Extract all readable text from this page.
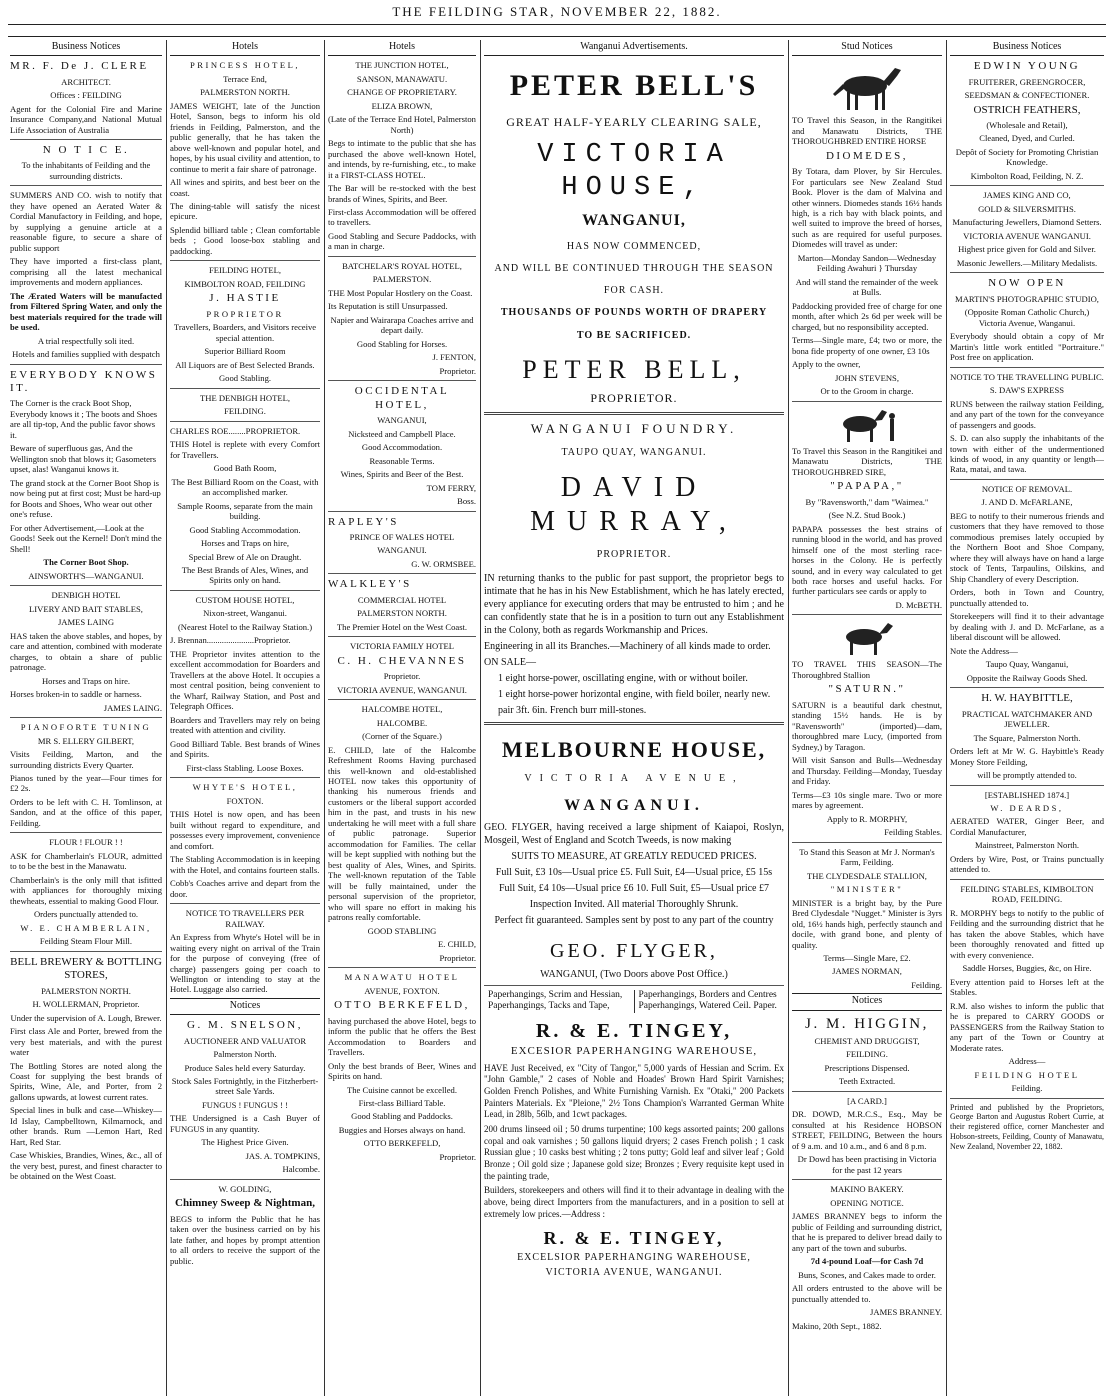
THE FEILDING STAR, NOVEMBER 22, 1882.
Business Notices

MR. F. De J. CLERE

ARCHITECT.

Offices : FEILDING

Agent for the Colonial Fire and Marine Insurance Company,and National Mutual Life Association of Australia

N O T I C E.

To the inhabitants of Feilding and the surrounding districts.

SUMMERS AND CO. wish to notify that they have opened an Aerated Water & Cordial Manufactory in Feilding, and hope, by supplying a genuine article at a reasonable figure, to secure a share of public support

They have imported a first-class plant, comprising all the latest mechanical improvements and modern appliances.

The Ærated Waters will be manufacted from Filtered Spring Water, and only the best materials required for the trade will be used.

A trial respectfully soli ited.

Hotels and families supplied with despatch

EVERYBODY KNOWS IT.

The Corner is the crack Boot Shop, Everybody knows it ; The boots and Shoes are all tip-top, And the public favor shows it.

Beware of superfluous gas, And the Wellington snob that blows it; Gasometers upset, alas! Wanganui knows it.

The grand stock at the Corner Boot Shop is now being put at first cost; Must be hard-up for Boots and Shoes, Who wear out other one's refuse.

For other Advertisement,—Look at the Goods! Seek out the Kernel! Don't mind the Shell!

The Corner Boot Shop.

AINSWORTH'S—WANGANUI.

DENBIGH HOTEL

LIVERY AND BAIT STABLES,

JAMES LAING

HAS taken the above stables, and hopes, by care and attention, combined with moderate charges, to obtain a share of public patronage.

Horses and Traps on hire.

Horses broken-in to saddle or harness.

JAMES LAING.

PIANOFORTE TUNING

MR S. ELLERY GILBERT,

Visits Feilding, Marton, and the surrounding districts Every Quarter.

Pianos tuned by the year—Four times for £2 2s.

Orders to be left with C. H. Tomlinson, at Sandon, and at the office of this paper, Feilding.

FLOUR ! FLOUR ! !

ASK for Chamberlain's FLOUR, admitted to to be the best in the Manawatu.

Chamberlain's is the only mill that isfitted with appliances for thoroughly mixing thewheats, essential to making Good Flour.

Orders punctually attended to.

W. E. CHAMBERLAIN,

Feilding Steam Flour Mill.

BELL BREWERY & BOTTLING STORES,

PALMERSTON NORTH.

H. WOLLERMAN, Proprietor.

Under the supervision of A. Lough, Brewer.

First class Ale and Porter, brewed from the very best materials, and with the purest water

The Bottling Stores are noted along the Coast for supplying the best brands of Spirits, Wine, Ale, and Porter, from 2 gallons upwards, at lowest current rates.

Special lines in bulk and case—Whiskey—Id Islay, Campbelltown, Kilmarnock, and other brands. Rum —Lemon Hart, Red Hart, Red Star.

Case Whiskies, Brandies, Wines, &c., all of the very best, purest, and finest character to be obtained on the West Coast.

Hotels

PRINCESS HOTEL,

Terrace End,

PALMERSTON NORTH.

JAMES WEIGHT, late of the Junction Hotel, Sanson, begs to inform his old friends in Feilding, Palmerston, and the public generally, that he has taken the above well-known and popular hotel, and hopes, by his usual civility and attention, to continue to merit a fair share of patronage.

All wines and spirits, and best beer on the coast.

The dining-table will satisfy the nicest epicure.

Splendid billiard table ; Clean comfortable beds ; Good loose-box stabling and paddocking.

FEILDING HOTEL,

KIMBOLTON ROAD, FEILDING

J. HASTIE

PROPRIETOR

Travellers, Boarders, and Visitors receive special attention.

Superior Billiard Room

All Liquors are of Best Selected Brands.

Good Stabling.

THE DENBIGH HOTEL,

FEILDING.

CHARLES ROE........PROPRIETOR.

THIS Hotel is replete with every Comfort for Travellers.

Good Bath Room,

The Best Billiard Room on the Coast, with an accomplished marker.

Sample Rooms, separate from the main building.

Good Stabling Accommodation.

Horses and Traps on hire,

Special Brew of Ale on Draught.

The Best Brands of Ales, Wines, and Spirits only on hand.

CUSTOM HOUSE HOTEL,

Nixon-street, Wanganui.

(Nearest Hotel to the Railway Station.)

J. Brennan......................Proprietor.

THE Proprietor invites attention to the excellent accommodation for Boarders and Travellers at the above Hotel. It occupies a most central position, being convenient to the Wharf, Railway Station, and Post and Telegraph Offices.

Boarders and Travellers may rely on being treated with attention and civility.

Good Billiard Table. Best brands of Wines and Spirits.

First-class Stabling. Loose Boxes.

WHYTE'S HOTEL,

FOXTON.

THIS Hotel is now open, and has been built without regard to expenditure, and possesses every improvement, convenience and comfort.

The Stabling Accommodation is in keeping with the Hotel, and contains fourteen stalls.

Cobb's Coaches arrive and depart from the door.

NOTICE TO TRAVELLERS PER RAILWAY.

An Express from Whyte's Hotel will be in waiting every night on arrival of the Train for the purpose of conveying (free of charge) passengers going per coach to Wellington or intending to stay at the Hotel. Luggage also carried.

Notices

G. M. SNELSON,

AUCTIONEER AND VALUATOR

Palmerston North.

Produce Sales held every Saturday.

Stock Sales Fortnightly, in the Fitzherbert-street Sale Yards.

FUNGUS ! FUNGUS ! !

THE Undersigned is a Cash Buyer of FUNGUS in any quantity.

The Highest Price Given.

JAS. A. TOMPKINS,

Halcombe.

W. GOLDING,

Chimney Sweep & Nightman,

BEGS to inform the Public that he has taken over the business carried on by his late father, and hopes by prompt attention to all orders to receive the support of the public.

Hotels

THE JUNCTION HOTEL,

SANSON, MANAWATU.

CHANGE OF PROPRIETARY.

ELIZA BROWN,

(Late of the Terrace End Hotel, Palmerston North)

Begs to intimate to the public that she has purchased the above well-known Hotel, and intends, by re-furnishing, etc., to make it a FIRST-CLASS HOTEL.

The Bar will be re-stocked with the best brands of Wines, Spirits, and Beer.

First-class Accommodation will be offered to travellers.

Good Stabling and Secure Paddocks, with a man in charge.

BATCHELAR'S ROYAL HOTEL,

PALMERSTON.

THE Most Popular Hostlery on the Coast.

Its Reputation is still Unsurpassed.

Napier and Wairarapa Coaches arrive and depart daily.

Good Stabling for Horses.

J. FENTON,

Proprietor.

OCCIDENTAL HOTEL,

WANGANUI,

Nicksteed and Campbell Place.

Good Accommodation.

Reasonable Terms.

Wines, Spirits and Beer of the Best.

TOM FERRY,

Boss.

RAPLEY'S

PRINCE OF WALES HOTEL

WANGANUI.

G. W. ORMSBEE.

WALKLEY'S

COMMERCIAL HOTEL

PALMERSTON NORTH.

The Premier Hotel on the West Coast.

VICTORIA FAMILY HOTEL

C. H. CHEVANNES

Proprietor.

VICTORIA AVENUE, WANGANUI.

HALCOMBE HOTEL,

HALCOMBE.

(Corner of the Square.)

E. CHILD, late of the Halcombe Refreshment Rooms Having purchased this well-known and old-established HOTEL now takes this opportunity of thanking his numerous friends and customers or the liberal support accorded him in the past, and trusts in his new undertaking he will meet with a full share of public patronage. Superior accommodation for Families. The cellar will be kept supplied with nothing but the best quality of Ales, Wines, and Spirits. The well-known reputation of the Table will be fully maintained, under the personal supervision of the proprietor, who will spare no effort in making his patrons really comfortable.

GOOD STABLING

E. CHILD,

Proprietor.

MANAWATU HOTEL

AVENUE, FOXTON.

OTTO BERKEFELD,

having purchased the above Hotel, begs to inform the public that he offers the Best Accommodation to Boarders and Travellers.

Only the best brands of Beer, Wines and Spirits on hand.

The Cuisine cannot be excelled.

First-class Billiard Table.

Good Stabling and Paddocks.

Buggies and Horses always on hand.

OTTO BERKEFELD,

Proprietor.

Wanganui Advertisements.
PETER BELL'S
GREAT HALF-YEARLY CLEARING SALE,
VICTORIA HOUSE,
WANGANUI,
HAS NOW COMMENCED,
AND WILL BE CONTINUED THROUGH THE SEASON
FOR CASH.
THOUSANDS OF POUNDS WORTH OF DRAPERY
TO BE SACRIFICED.
PETER BELL,
PROPRIETOR.
WANGANUI FOUNDRY.
TAUPO QUAY, WANGANUI.
DAVID MURRAY,
PROPRIETOR.

IN returning thanks to the public for past support, the proprietor begs to intimate that he has in his New Establishment, which he has lately erected, every appliance for executing orders that may be entrusted to him ; and he can confidently state that he is in a position to turn out any Establishment in the Colony, both as regards Workmanship and Prices.

Engineering in all its Branches.—Machinery of all kinds made to order.

ON SALE—

1 eight horse-power, oscillating engine, with or without boiler.

1 eight horse-power horizontal engine, with field boiler, nearly new.

pair 3ft. 6in. French burr mill-stones.

MELBOURNE HOUSE,
VICTORIA AVENUE,
WANGANUI.

GEO. FLYGER, having received a large shipment of Kaiapoi, Roslyn, Mosgeil, West of England and Scotch Tweeds, is now making

SUITS TO MEASURE, AT GREATLY REDUCED PRICES.

Full Suit, £3 10s—Usual price £5. Full Suit, £4—Usual price, £5 15s

Full Suit, £4 10s—Usual price £6 10. Full Suit, £5—Usual price £7

Inspection Invited. All material Thoroughly Shrunk.

Perfect fit guaranteed. Samples sent by post to any part of the country

GEO. FLYGER,

WANGANUI, (Two Doors above Post Office.)

Paperhangings, Scrim and Hessian, Paperhangings, Tacks and Tape,
Paperhangings, Borders and Centres Paperhangings, Watered Ceil. Paper.
R. & E. TINGEY,
EXCESIOR PAPERHANGING WAREHOUSE,

HAVE Just Received, ex "City of Tangor," 5,000 yards of Hessian and Scrim. Ex "John Gamble," 2 cases of Noble and Hoades' Brown Hard Spirit Varnishes; Golden French Polishes, and White Furnishing Varnish. Ex "Otaki," 200 Packets Painters Materials. Ex "Pleione," 2½ Tons Champion's Warranted German White Lead, in 28lb, 56lb, and 1cwt packages.

200 drums linseed oil ; 50 drums turpentine; 100 kegs assorted paints; 200 gallons copal and oak varnishes ; 50 gallons liquid dryers; 2 cases French polish ; 1 cask Russian glue ; 10 casks best whiting ; 2 tons putty; Gold leaf and silver leaf ; Gold Bronze ; Oil gold size ; Japanese gold size; Bronzes ; Every requisite kept used in the painting trade,

Builders, storekeepers and others will find it to their advantage in dealing with the above, being direct Importers from the manufacturers, and in a position to sell at extremely low prices.—Address :

R. & E. TINGEY,
EXCELSIOR PAPERHANGING WAREHOUSE,
VICTORIA AVENUE, WANGANUI.
Stud Notices

TO Travel this Season, in the Rangitikei and Manawatu Districts, THE THOROUGHBRED ENTIRE HORSE

DIOMEDES,

By Totara, dam Plover, by Sir Hercules. For particulars see New Zealand Stud Book. Plover is the dam of Malvina and other winners. Diomedes stands 16½ hands high, is a rich bay with black points, and well suited to improve the breed of horses, such as are required for useful purposes. Diomedes will travel as under:

Marton—Monday Sandon—Wednesday Feilding Awahuri } Thursday

And will stand the remainder of the week at Bulls.

Paddocking provided free of charge for one month, after which 2s 6d per week will be charged, but no responsibility accepted.

Terms—Single mare, £4; two or more, the bona fide property of one owner, £3 10s

Apply to the owner,

JOHN STEVENS,

Or to the Groom in charge.

To Travel this Season in the Rangitikei and Manawatu Districts, THE THOROUGHBRED SIRE,

"PAPAPA,"

By "Ravensworth," dam "Waimea."

(See N.Z. Stud Book.)

PAPAPA possesses the best strains of running blood in the world, and has proved himself one of the most sterling race-horses in the Colony. He is perfectly sound, and in every way calculated to get both race horses and useful hacks. For further particulars see cards or apply to

D. McBETH.

TO TRAVEL THIS SEASON—The Thoroughbred Stallion

"SATURN."

SATURN is a beautiful dark chestnut, standing 15½ hands. He is by "Ravensworth" (imported)—dam, thoroughbred mare Lucy, (imported from Sydney,) by Taragon.

Will visit Sanson and Bulls—Wednesday and Thursday. Feilding—Monday, Tuesday and Friday.

Terms—£3 10s single mare. Two or more mares by agreement.

Apply to R. MORPHY,

Feilding Stables.

To Stand this Season at Mr J. Norman's Farm, Feilding.

THE CLYDESDALE STALLION,

"MINISTER"

MINISTER is a bright bay, by the Pure Bred Clydesdale "Nugget." Minister is 3yrs old, 16½ hands high, perfectly staunch and docile, with grand bone, and plenty of quality.

Terms—Single Mare, £2.

JAMES NORMAN,

Feilding.

Notices

J. M. HIGGIN,

CHEMIST AND DRUGGIST,

FEILDING.

Prescriptions Dispensed.

Teeth Extracted.

[A CARD.]

DR. DOWD, M.R.C.S., Esq., May be consulted at his Residence HOBSON STREET, FEILDING, Between the hours of 9 a.m. and 10 a.m., and 6 and 8 p.m.

Dr Dowd has been practising in Victoria for the past 12 years

MAKINO BAKERY.

OPENING NOTICE.

JAMES BRANNEY begs to inform the public of Feilding and surrounding district, that he is prepared to deliver bread daily to any part of the town and suburbs.

7d 4-pound Loaf—for Cash 7d

Buns, Scones, and Cakes made to order.

All orders entrusted to the above will be punctually attended to.

JAMES BRANNEY.

Makino, 20th Sept., 1882.

Business Notices

EDWIN YOUNG

FRUITERER, GREENGROCER,

SEEDSMAN & CONFECTIONER.

OSTRICH FEATHERS,

(Wholesale and Retail),

Cleaned, Dyed, and Curled.

Depôt of Society for Promoting Christian Knowledge.

Kimbolton Road, Feilding, N. Z.

JAMES KING AND CO,

GOLD & SILVERSMITHS.

Manufacturing Jewellers, Diamond Setters.

VICTORIA AVENUE WANGANUI.

Highest price given for Gold and Silver.

Masonic Jewellers.—Military Medalists.

NOW OPEN

MARTIN'S PHOTOGRAPHIC STUDIO,

(Opposite Roman Catholic Church,) Victoria Avenue, Wanganui.

Everybody should obtain a copy of Mr Martin's little work entitled "Portraiture." Post free on application.

NOTICE TO THE TRAVELLING PUBLIC.

S. DAW'S EXPRESS

RUNS between the railway station Feilding, and any part of the town for the conveyance of passengers and goods.

S. D. can also supply the inhabitants of the town with either of the undermentioned kinds of wood, in any quantity or length—Rata, matai, and tawa.

NOTICE OF REMOVAL.

J. AND D. McFARLANE,

BEG to notify to their numerous friends and customers that they have removed to those commodious premises lately occupied by the Northern Boot and Shoe Company, where they will always have on hand a large stock of Tents, Tarpaulins, Oilskins, and Ship Chandlery of every Description.

Orders, both in Town and Country, punctually attended to.

Storekeepers will find it to their advantage by dealing with J. and D. McFarlane, as a liberal discount will be allowed.

Note the Address—

Taupo Quay, Wanganui,

Opposite the Railway Goods Shed.

H. W. HAYBITTLE,

PRACTICAL WATCHMAKER AND JEWELLER.

The Square, Palmerston North.

Orders left at Mr W. G. Haybittle's Ready Money Store Feilding,

will be promptly attended to.

[ESTABLISHED 1874.]

W. DEARDS,

AERATED WATER, Ginger Beer, and Cordial Manufacturer,

Mainstreet, Palmerston North.

Orders by Wire, Post, or Trains punctually attended to.

FEILDING STABLES, KIMBOLTON ROAD, FEILDING.

R. MORPHY begs to notify to the public of Feilding and the surrounding district that he has taken the above Stables, which have been thoroughly renovated and fitted up with every convenience.

Saddle Horses, Buggies, &c, on Hire.

Every attention paid to Horses left at the Stables.

R.M. also wishes to inform the public that he is prepared to CARRY GOODS or PASSENGERS from the Railway Station to any part of the Town or Country at Moderate rates.

Address—

FEILDING HOTEL

Feilding.

Printed and published by the Proprietors, George Barton and Augustus Robert Currie, at their registered office, corner Manchester and Hobson-streets, Feilding, County of Manawatu, New Zealand, November 22, 1882.
